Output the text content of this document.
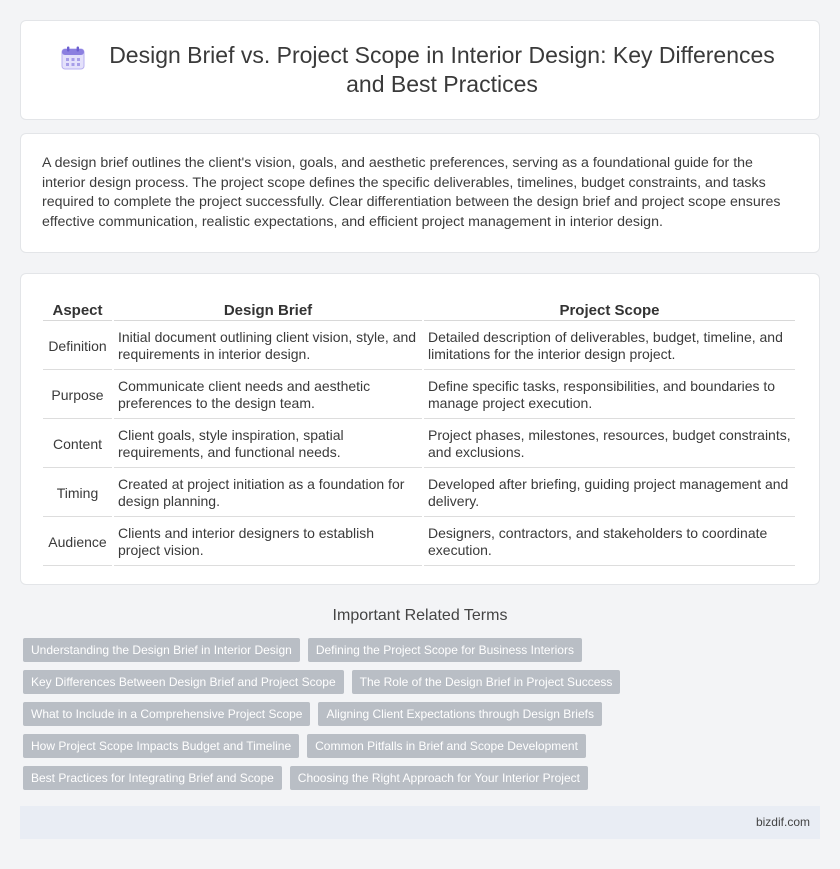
Design Brief vs. Project Scope in Interior Design: Key Differences and Best Practices

A design brief outlines the client's vision, goals, and aesthetic preferences, serving as a foundational guide for the interior design process. The project scope defines the specific deliverables, timelines, budget constraints, and tasks required to complete the project successfully. Clear differentiation between the design brief and project scope ensures effective communication, realistic expectations, and efficient project management in interior design.

Aspect	Design Brief	Project Scope
Definition	Initial document outlining client vision, style, and requirements in interior design.	Detailed description of deliverables, budget, timeline, and limitations for the interior design project.
Purpose	Communicate client needs and aesthetic preferences to the design team.	Define specific tasks, responsibilities, and boundaries to manage project execution.
Content	Client goals, style inspiration, spatial requirements, and functional needs.	Project phases, milestones, resources, budget constraints, and exclusions.
Timing	Created at project initiation as a foundation for design planning.	Developed after briefing, guiding project management and delivery.
Audience	Clients and interior designers to establish project vision.	Designers, contractors, and stakeholders to coordinate execution.
Important Related Terms
Understanding the Design Brief in Interior Design	Defining the Project Scope for Business Interiors
Key Differences Between Design Brief and Project Scope	The Role of the Design Brief in Project Success
What to Include in a Comprehensive Project Scope	Aligning Client Expectations through Design Briefs
How Project Scope Impacts Budget and Timeline	Common Pitfalls in Brief and Scope Development
Best Practices for Integrating Brief and Scope	Choosing the Right Approach for Your Interior Project
bizdif.com
